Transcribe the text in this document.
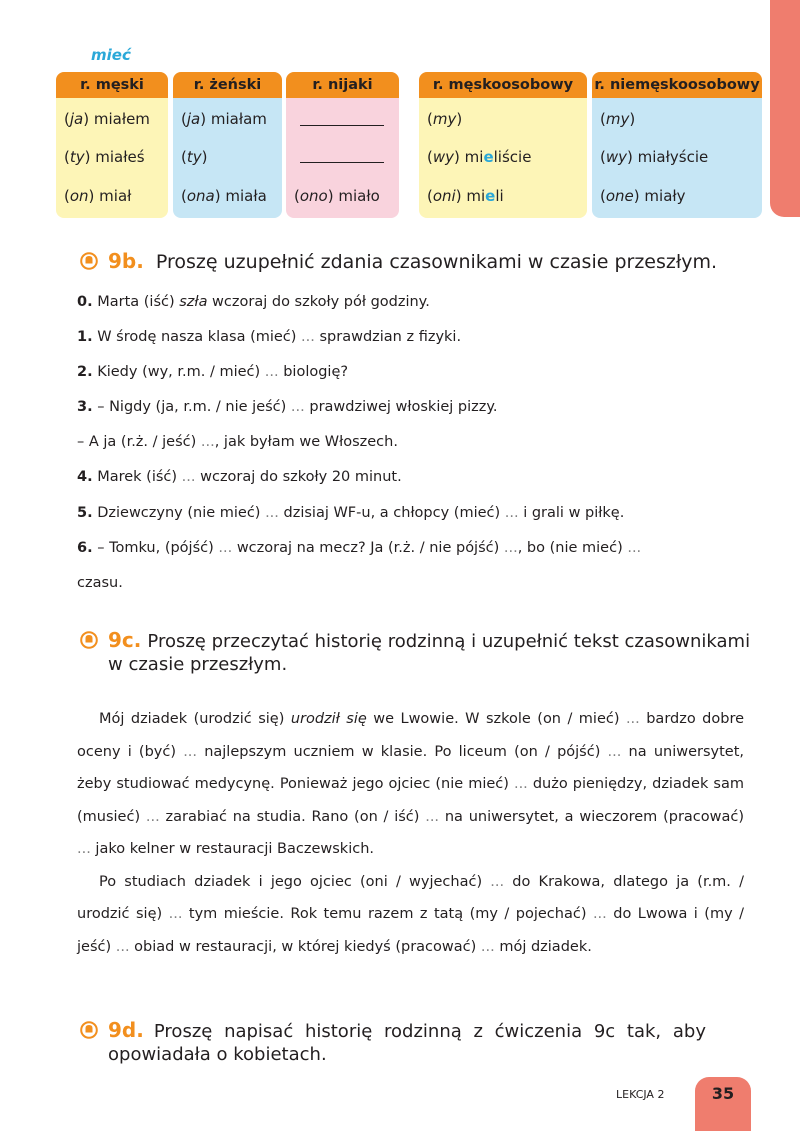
mieć
r. męski
(ja) miałem
(ty) miałeś
(on) miał
r. żeński
(ja) miałam
(ty)
(ona) miała
r. nijaki
(ono) miało
r. męskoosobowy
(my)
(wy) mieliście
(oni) mieli
r. niemęskoosobowy
(my)
(wy) miałyście
(one) miały
9b. Proszę uzupełnić zdania czasownikami w czasie przeszłym.
0. Marta (iść) szła wczoraj do szkoły pół godziny.
1. W środę nasza klasa (mieć) ... sprawdzian z fizyki.
2. Kiedy (wy, r.m. / mieć) ... biologię?
3. – Nigdy (ja, r.m. / nie jeść) ... prawdziwej włoskiej pizzy.
– A ja (r.ż. / jeść) ..., jak byłam we Włoszech.
4. Marek (iść) ... wczoraj do szkoły 20 minut.
5. Dziewczyny (nie mieć) ... dzisiaj WF-u, a chłopcy (mieć) ... i grali w piłkę.
6. – Tomku, (pójść) ... wczoraj na mecz? Ja (r.ż. / nie pójść) ..., bo (nie mieć) ...
czasu.
9c. Proszę przeczytać historię rodzinną i uzupełnić tekst czasownikami
w czasie przeszłym.

Mój dziadek (urodzić się) urodził się we Lwowie. W szkole (on / mieć) ... bardzo dobre oceny i (być) ... najlepszym uczniem w klasie. Po liceum (on / pójść) ... na uniwersytet, żeby studiować medycynę. Ponieważ jego ojciec (nie mieć) ... dużo pieniędzy, dziadek sam (musieć) ... zarabiać na studia. Rano (on / iść) ... na uniwersytet, a wieczorem (pracować) ... jako kelner w restauracji Baczewskich.

Po studiach dziadek i jego ojciec (oni / wyjechać) ... do Krakowa, dlatego ja (r.m. / urodzić się) ... tym mieście. Rok temu razem z tatą (my / pojechać) ... do Lwowa i (my / jeść) ... obiad w restauracji, w której kiedyś (pracować) ... mój dziadek.

9d. Proszę napisać historię rodzinną z ćwiczenia 9c tak, aby
opowiadała o kobietach.
LEKCJA 2	35
